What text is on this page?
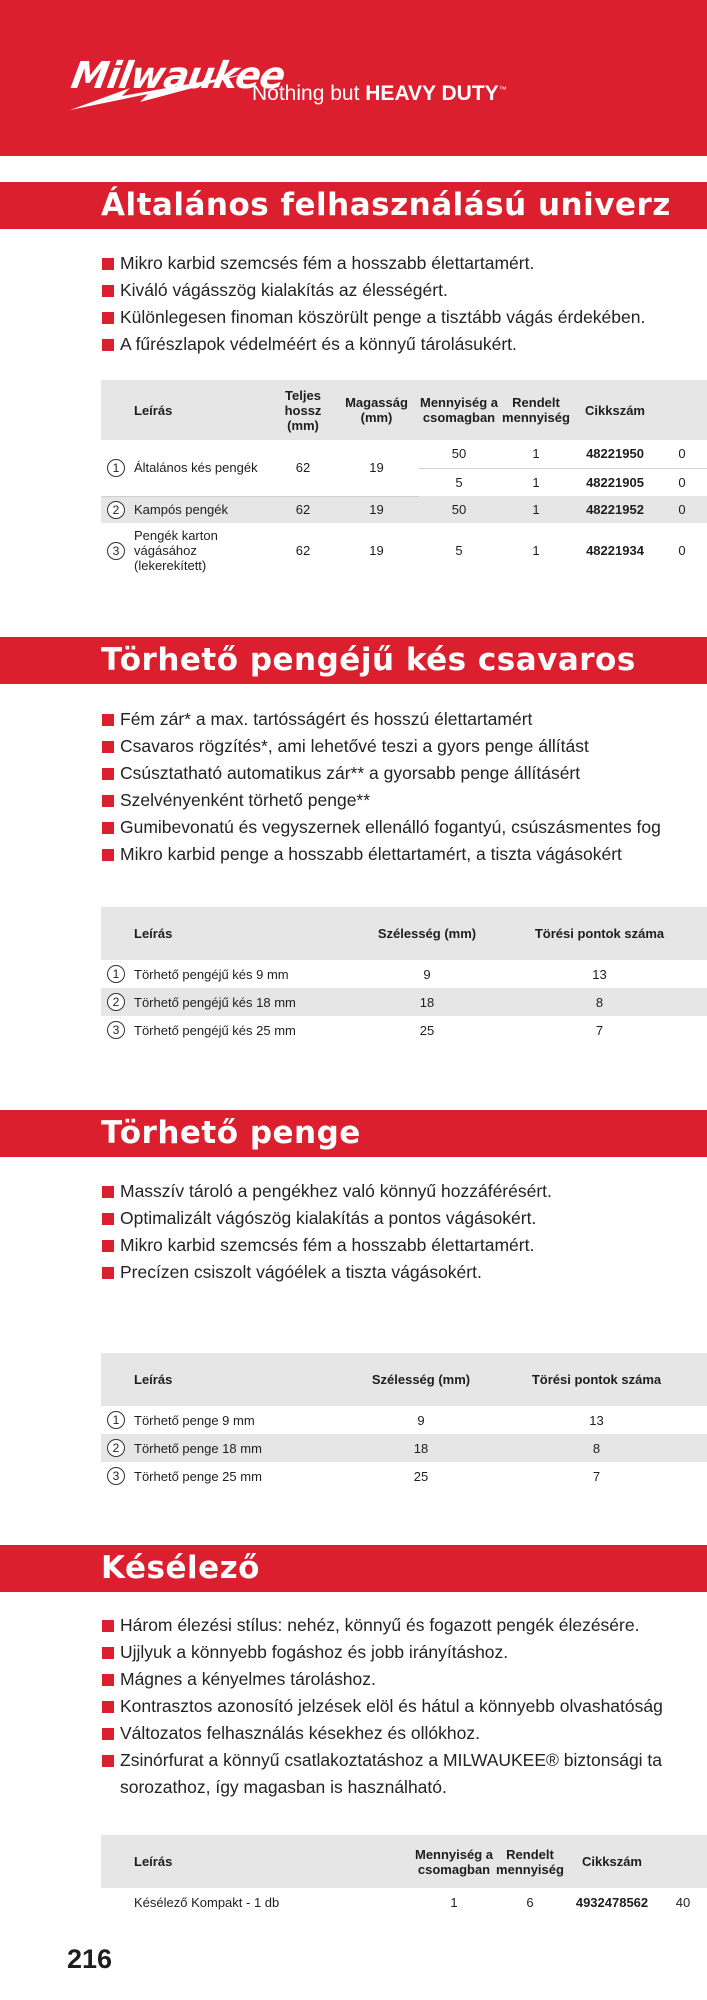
Milwaukee
Nothing but HEAVY DUTY™
Általános felhasználású univerz
Mikro karbid szemcsés fém a hosszabb élettartamért.
Kiváló vágásszög kialakítás az élességért.
Különlegesen finoman köszörült penge a tisztább vágás érdekében.
A fűrészlapok védelméért és a könnyű tárolásukért.
Leírás	Teljes hossz (mm)	Magasság (mm)	Mennyiség a csomagban	Rendelt mennyiség	Cikkszám	

1 Általános kés pengék	62	19	50	1	48221950	0
			5	1	48221905	0

2 Kampós pengék	62	19	50	1	48221952	0

3
Pengék karton vágásához (lekerekített)	62	19	5	1	48221934	0
Törhető pengéjű kés csavaros
Fém zár* a max. tartósságért és hosszú élettartamért
Csavaros rögzítés*, ami lehetővé teszi a gyors penge állítást
Csúsztatható automatikus zár** a gyorsabb penge állításért
Szelvényenként törhető penge**
Gumibevonatú és vegyszernek ellenálló fogantyú, csúszásmentes fog
Mikro karbid penge a hosszabb élettartamért, a tiszta vágásokért
Leírás	Szélesség (mm)	Törési pontok száma

1 Törhető pengéjű kés 9 mm	9	13

2 Törhető pengéjű kés 18 mm	18	8

3 Törhető pengéjű kés 25 mm	25	7
Törhető penge
Masszív tároló a pengékhez való könnyű hozzáférésért.
Optimalizált vágószög kialakítás a pontos vágásokért.
Mikro karbid szemcsés fém a hosszabb élettartamért.
Precízen csiszolt vágóélek a tiszta vágásokért.
Leírás	Szélesség (mm)	Törési pontok száma

1 Törhető penge 9 mm	9	13

2 Törhető penge 18 mm	18	8

3 Törhető penge 25 mm	25	7
Késélező
Három élezési stílus: nehéz, könnyű és fogazott pengék élezésére.
Ujjlyuk a könnyebb fogáshoz és jobb irányításhoz.
Mágnes a kényelmes tároláshoz.
Kontrasztos azonosító jelzések elöl és hátul a könnyebb olvashatóság
Változatos felhasználás késekhez és ollókhoz.
Zsinórfurat a könnyű csatlakoztatáshoz a MILWAUKEE® biztonsági ta
sorozathoz, így magasban is használható.
Leírás	Mennyiség a csomagban	Rendelt mennyiség	Cikkszám	
Késélező Kompakt - 1 db	1	6	4932478562	40
216
